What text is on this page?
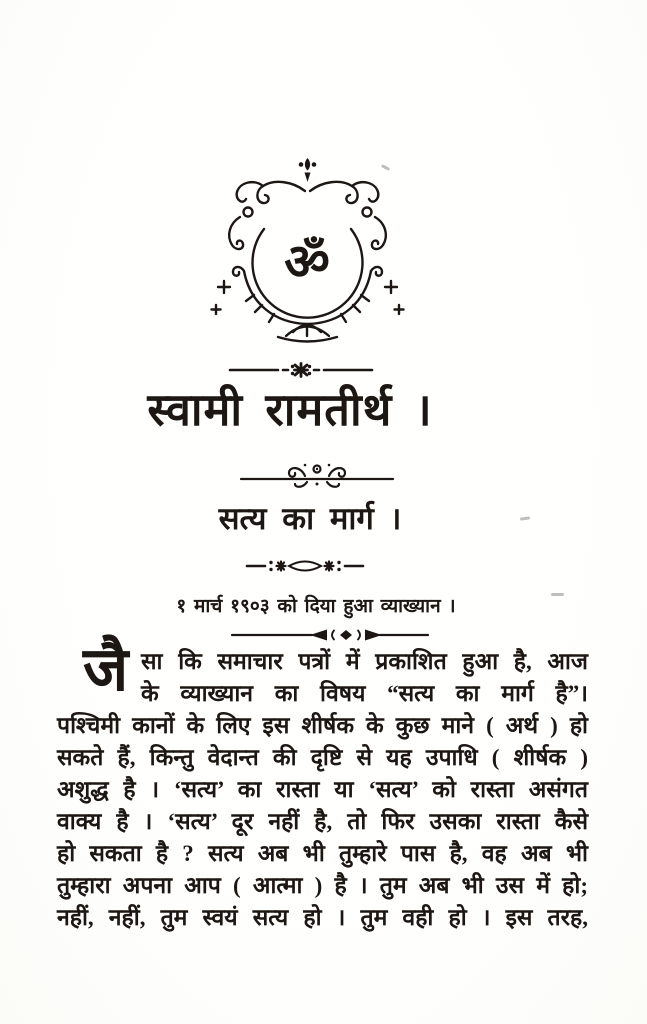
ॐ
स्वामी रामतीर्थ ।
सत्य का मार्ग ।
१ मार्च १९०३ को दिया हुआ व्याख्यान ।
जै सा कि समाचार पत्रों में प्रकाशित हुआ है, आज
के व्याख्यान का विषय “सत्य का मार्ग है”।
पश्चिमी कानों के लिए इस शीर्षक के कुछ माने ( अर्थ ) हो
सकते हैं, किन्तु वेदान्त की दृष्टि से यह उपाधि ( शीर्षक )
अशुद्ध है । ‘सत्य’ का रास्ता या ‘सत्य’ को रास्ता असंगत
वाक्य है । ‘सत्य’ दूर नहीं है, तो फिर उसका रास्ता कैसे
हो सकता है ? सत्य अब भी तुम्हारे पास है, वह अब भी
तुम्हारा अपना आप ( आत्मा ) है । तुम अब भी उस में हो;
नहीं, नहीं, तुम स्वयं सत्य हो । तुम वही हो । इस तरह,
